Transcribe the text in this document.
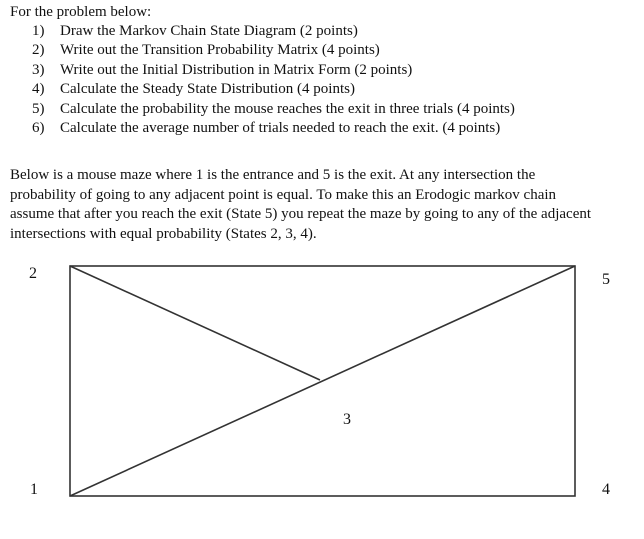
For the problem below:
1)	Draw the Markov Chain State Diagram (2 points)
2)	Write out the Transition Probability Matrix (4 points)
3)	Write out the Initial Distribution in Matrix Form (2 points)
4)	Calculate the Steady State Distribution (4 points)
5)	Calculate the probability the mouse reaches the exit in three trials (4 points)
6)	Calculate the average number of trials needed to reach the exit. (4 points)
Below is a mouse maze where 1 is the entrance and 5 is the exit. At any intersection the
probability of going to any adjacent point is equal. To make this an Erodogic markov chain
assume that after you reach the exit (State 5) you repeat the maze by going to any of the adjacent
intersections with equal probability (States 2, 3, 4).
2	5
3
1	4
